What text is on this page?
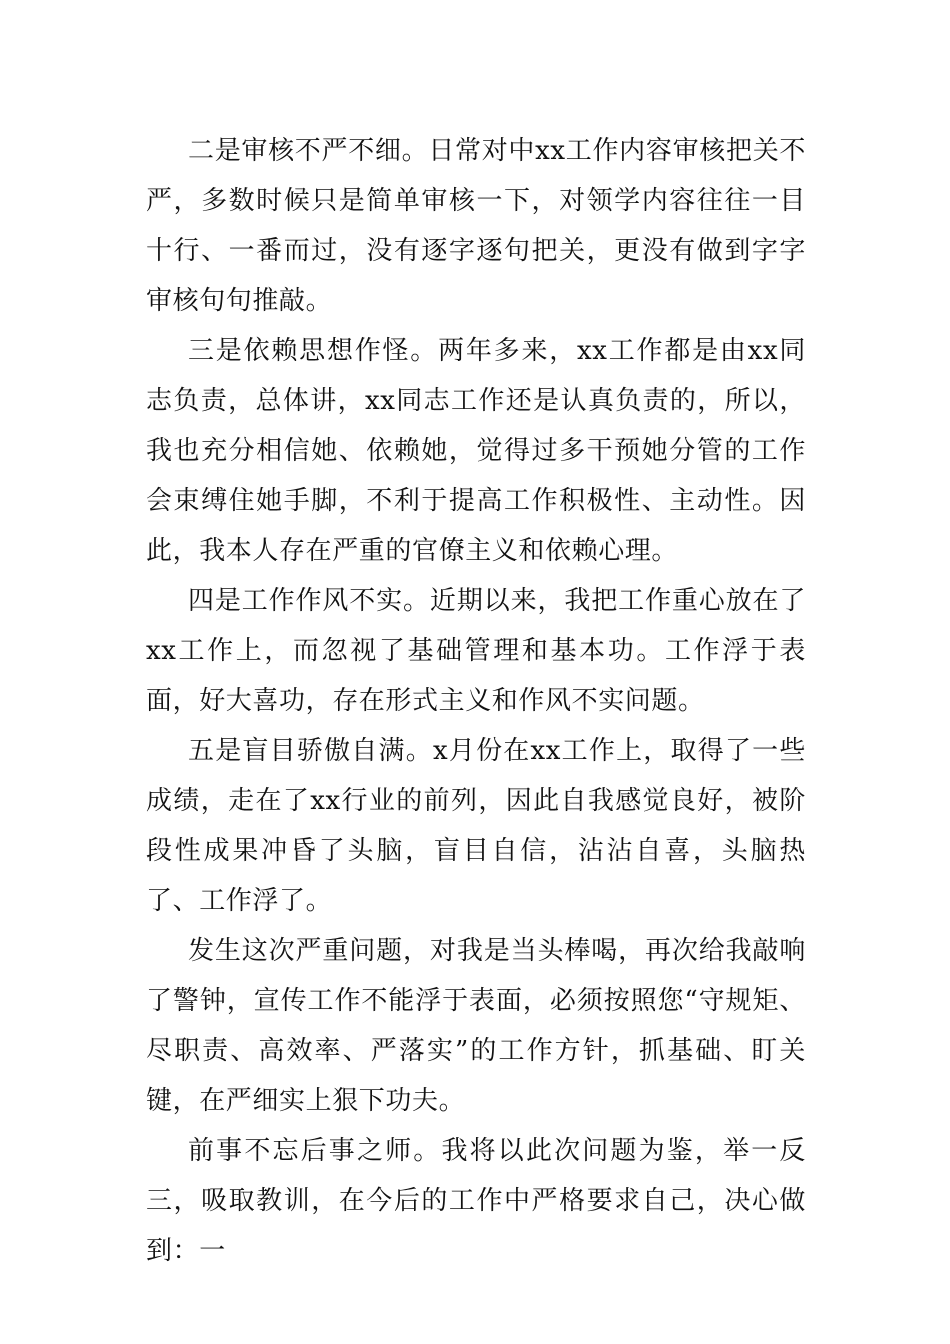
二是审核不严不细。日常对中xx工作内容审核把关不严，多数时候只是简单审核一下，对领学内容往往一目十行、一番而过，没有逐字逐句把关，更没有做到字字审核句句推敲。

三是依赖思想作怪。两年多来，xx工作都是由xx同志负责，总体讲，xx同志工作还是认真负责的，所以，我也充分相信她、依赖她，觉得过多干预她分管的工作会束缚住她手脚，不利于提高工作积极性、主动性。因此，我本人存在严重的官僚主义和依赖心理。

四是工作作风不实。近期以来，我把工作重心放在了xx工作上，而忽视了基础管理和基本功。工作浮于表面，好大喜功，存在形式主义和作风不实问题。

五是盲目骄傲自满。x月份在xx工作上，取得了一些成绩，走在了xx行业的前列，因此自我感觉良好，被阶段性成果冲昏了头脑，盲目自信，沾沾自喜，头脑热了、工作浮了。

发生这次严重问题，对我是当头棒喝，再次给我敲响了警钟，宣传工作不能浮于表面，必须按照您“守规矩、尽职责、高效率、严落实”的工作方针，抓基础、盯关键，在严细实上狠下功夫。

前事不忘后事之师。我将以此次问题为鉴，举一反三，吸取教训，在今后的工作中严格要求自己，决心做到：一
